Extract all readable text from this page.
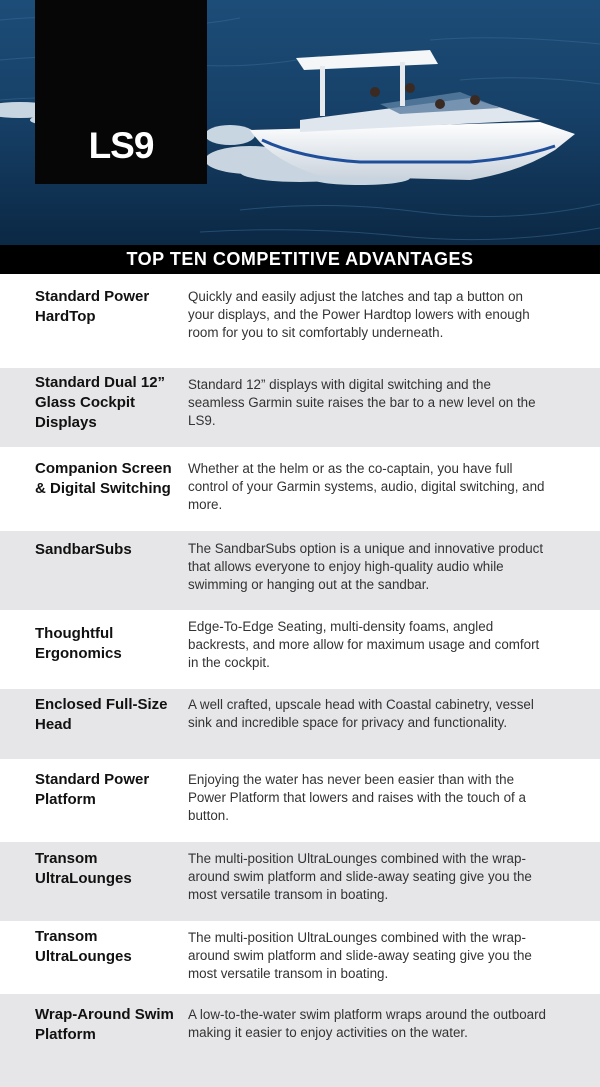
LS9
TOP TEN COMPETITIVE ADVANTAGES
Standard Power HardTop
Quickly and easily adjust the latches and tap a button on your displays, and the Power Hardtop lowers with enough room for you to sit comfortably underneath.
Standard Dual 12” Glass Cockpit Displays
Standard 12” displays with digital switching and the seamless Garmin suite raises the bar to a new level on the LS9.
Companion Screen & Digital Switching
Whether at the helm or as the co-captain, you have full control of your Garmin systems, audio, digital switching, and more.
SandbarSubs	The SandbarSubs option is a unique and innovative product that allows everyone to enjoy high-quality audio while swimming or hanging out at the sandbar.
Thoughtful Ergonomics
Edge-To-Edge Seating, multi-density foams, angled backrests, and more allow for maximum usage and comfort in the cockpit.
Enclosed Full-Size Head
A well crafted, upscale head with Coastal cabinetry, vessel sink and incredible space for privacy and functionality.
Standard Power Platform
Enjoying the water has never been easier than with the Power Platform that lowers and raises with the touch of a button.
Transom UltraLounges
The multi-position UltraLounges combined with the wrap-around swim platform and slide-away seating give you the most versatile transom in boating.
Transom UltraLounges
The multi-position UltraLounges combined with the wrap-around swim platform and slide-away seating give you the most versatile transom in boating.
Wrap-Around Swim Platform
A low-to-the-water swim platform wraps around the outboard making it easier to enjoy activities on the water.
